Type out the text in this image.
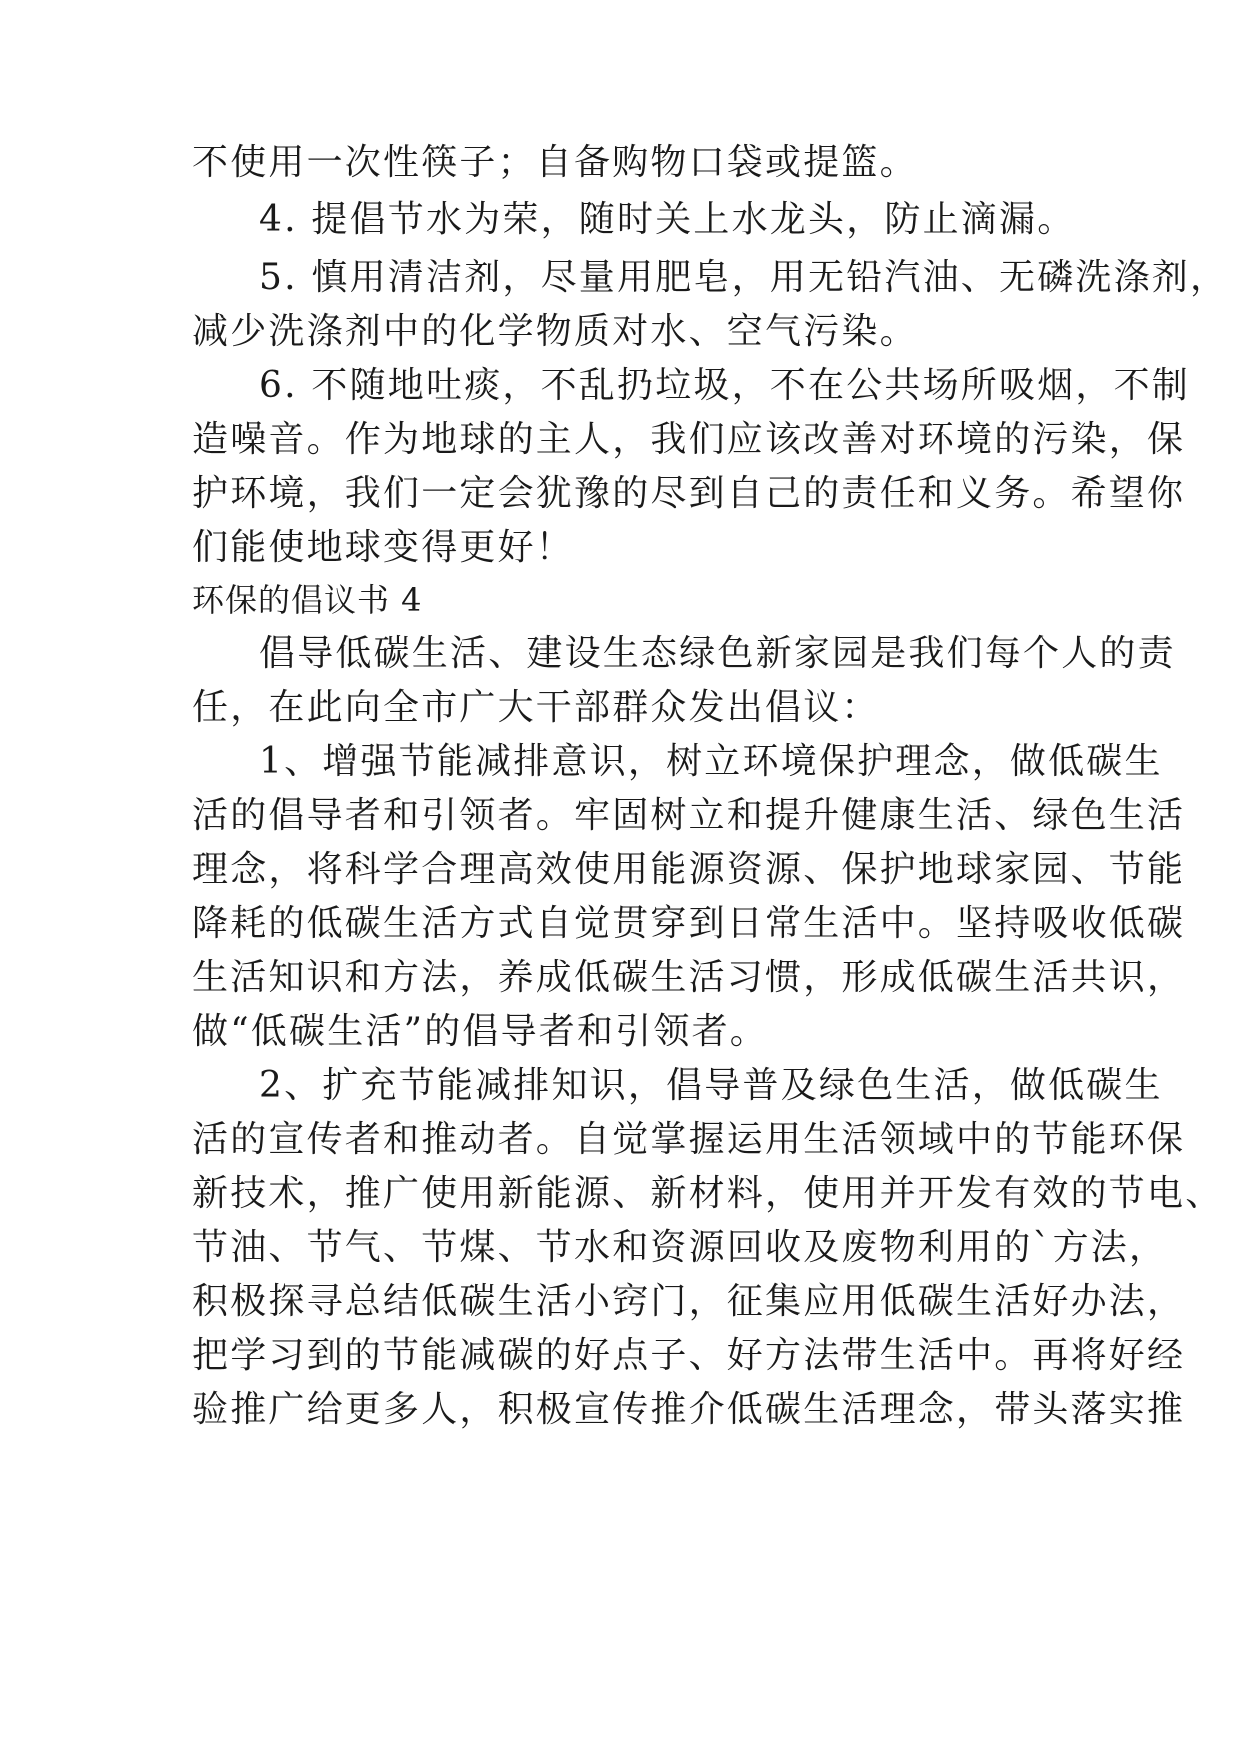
不使用一次性筷子；自备购物口袋或提篮。
4. 提倡节水为荣，随时关上水龙头，防止滴漏。
5. 慎用清洁剂，尽量用肥皂，用无铅汽油、无磷洗涤剂，
减少洗涤剂中的化学物质对水、空气污染。
6. 不随地吐痰，不乱扔垃圾，不在公共场所吸烟，不制
造噪音。作为地球的主人，我们应该改善对环境的污染，保
护环境，我们一定会犹豫的尽到自己的责任和义务。希望你
们能使地球变得更好！
环保的倡议书 4
倡导低碳生活、建设生态绿色新家园是我们每个人的责
任，在此向全市广大干部群众发出倡议：
1、增强节能减排意识，树立环境保护理念，做低碳生
活的倡导者和引领者。牢固树立和提升健康生活、绿色生活
理念，将科学合理高效使用能源资源、保护地球家园、节能
降耗的低碳生活方式自觉贯穿到日常生活中。坚持吸收低碳
生活知识和方法，养成低碳生活习惯，形成低碳生活共识，
做“低碳生活”的倡导者和引领者。
2、扩充节能减排知识，倡导普及绿色生活，做低碳生
活的宣传者和推动者。自觉掌握运用生活领域中的节能环保
新技术，推广使用新能源、新材料，使用并开发有效的节电、
节油、节气、节煤、节水和资源回收及废物利用的`方法，
积极探寻总结低碳生活小窍门，征集应用低碳生活好办法，
把学习到的节能减碳的好点子、好方法带生活中。再将好经
验推广给更多人，积极宣传推介低碳生活理念，带头落实推
